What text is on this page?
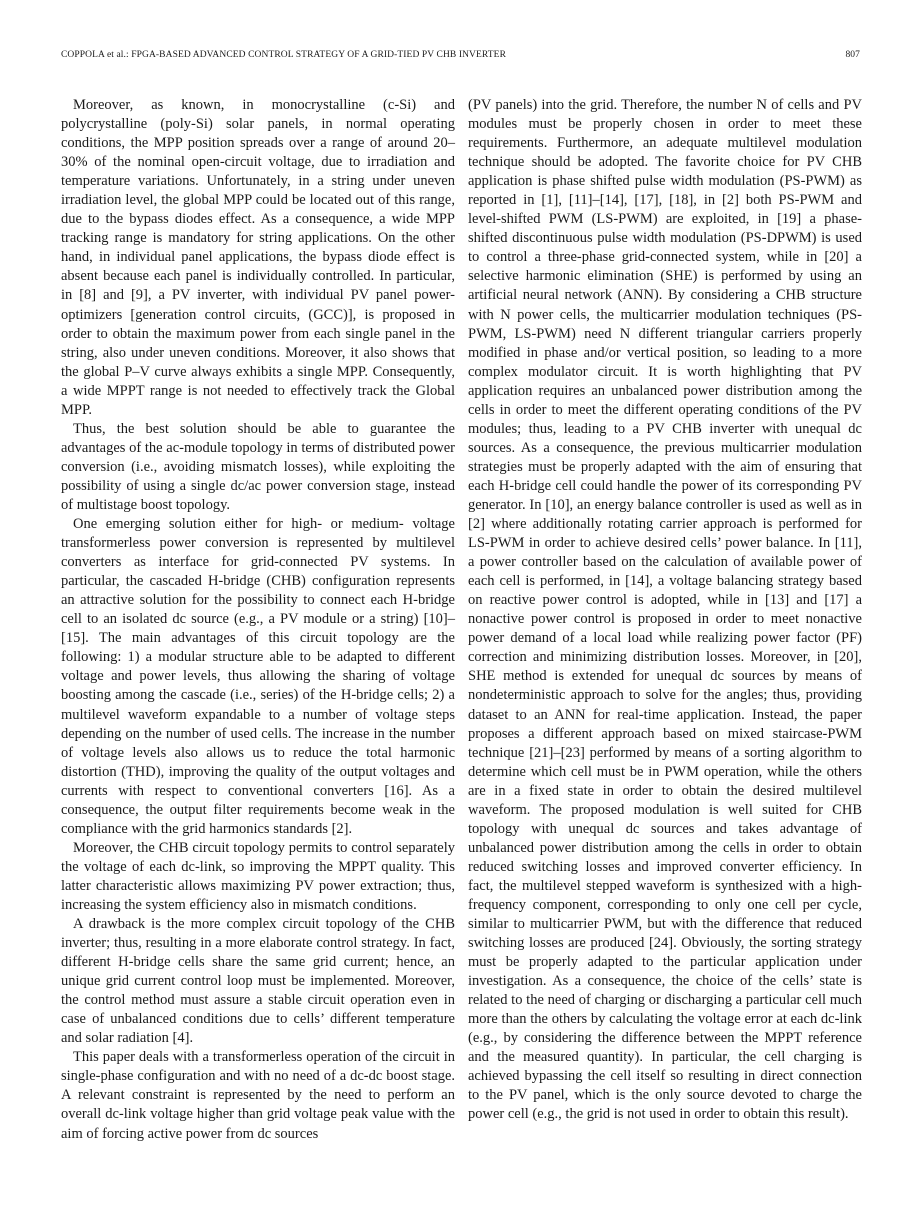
COPPOLA et al.: FPGA-BASED ADVANCED CONTROL STRATEGY OF A GRID-TIED PV CHB INVERTER	807

Moreover, as known, in monocrystalline (c-Si) and polycrystalline (poly-Si) solar panels, in normal operating conditions, the MPP position spreads over a range of around 20–30% of the nominal open-circuit voltage, due to irradiation and temperature variations. Unfortunately, in a string under uneven irradiation level, the global MPP could be located out of this range, due to the bypass diodes effect. As a consequence, a wide MPP tracking range is mandatory for string applications. On the other hand, in individual panel applications, the bypass diode effect is absent because each panel is individually controlled. In particular, in [8] and [9], a PV inverter, with individual PV panel power-optimizers [generation control circuits, (GCC)], is proposed in order to obtain the maximum power from each single panel in the string, also under uneven conditions. Moreover, it also shows that the global P–V curve always exhibits a single MPP. Consequently, a wide MPPT range is not needed to effectively track the Global MPP.

Thus, the best solution should be able to guarantee the advantages of the ac-module topology in terms of distributed power conversion (i.e., avoiding mismatch losses), while exploiting the possibility of using a single dc/ac power conversion stage, instead of multistage boost topology.

One emerging solution either for high- or medium- voltage transformerless power conversion is represented by multilevel converters as interface for grid-connected PV systems. In particular, the cascaded H-bridge (CHB) configuration represents an attractive solution for the possibility to connect each H-bridge cell to an isolated dc source (e.g., a PV module or a string) [10]–[15]. The main advantages of this circuit topology are the following: 1) a modular structure able to be adapted to different voltage and power levels, thus allowing the sharing of voltage boosting among the cascade (i.e., series) of the H-bridge cells; 2) a multilevel waveform expandable to a number of voltage steps depending on the number of used cells. The increase in the number of voltage levels also allows us to reduce the total harmonic distortion (THD), improving the quality of the output voltages and currents with respect to conventional converters [16]. As a consequence, the output filter requirements become weak in the compliance with the grid harmonics standards [2].

Moreover, the CHB circuit topology permits to control separately the voltage of each dc-link, so improving the MPPT quality. This latter characteristic allows maximizing PV power extraction; thus, increasing the system efficiency also in mismatch conditions.

A drawback is the more complex circuit topology of the CHB inverter; thus, resulting in a more elaborate control strategy. In fact, different H-bridge cells share the same grid current; hence, an unique grid current control loop must be implemented. Moreover, the control method must assure a stable circuit operation even in case of unbalanced conditions due to cells’ different temperature and solar radiation [4].

This paper deals with a transformerless operation of the circuit in single-phase configuration and with no need of a dc-dc boost stage. A relevant constraint is represented by the need to perform an overall dc-link voltage higher than grid voltage peak value with the aim of forcing active power from dc sources

(PV panels) into the grid. Therefore, the number N of cells and PV modules must be properly chosen in order to meet these requirements. Furthermore, an adequate multilevel modulation technique should be adopted. The favorite choice for PV CHB application is phase shifted pulse width modulation (PS-PWM) as reported in [1], [11]–[14], [17], [18], in [2] both PS-PWM and level-shifted PWM (LS-PWM) are exploited, in [19] a phase-shifted discontinuous pulse width modulation (PS-DPWM) is used to control a three-phase grid-connected system, while in [20] a selective harmonic elimination (SHE) is performed by using an artificial neural network (ANN). By considering a CHB structure with N power cells, the multicarrier modulation techniques (PS-PWM, LS-PWM) need N different triangular carriers properly modified in phase and/or vertical position, so leading to a more complex modulator circuit. It is worth highlighting that PV application requires an unbalanced power distribution among the cells in order to meet the different operating conditions of the PV modules; thus, leading to a PV CHB inverter with unequal dc sources. As a consequence, the previous multicarrier modulation strategies must be properly adapted with the aim of ensuring that each H-bridge cell could handle the power of its corresponding PV generator. In [10], an energy balance controller is used as well as in [2] where additionally rotating carrier approach is performed for LS-PWM in order to achieve desired cells’ power balance. In [11], a power controller based on the calculation of available power of each cell is performed, in [14], a voltage balancing strategy based on reactive power control is adopted, while in [13] and [17] a nonactive power control is proposed in order to meet nonactive power demand of a local load while realizing power factor (PF) correction and minimizing distribution losses. Moreover, in [20], SHE method is extended for unequal dc sources by means of nondeterministic approach to solve for the angles; thus, providing dataset to an ANN for real-time application. Instead, the paper proposes a different approach based on mixed staircase-PWM technique [21]–[23] performed by means of a sorting algorithm to determine which cell must be in PWM operation, while the others are in a fixed state in order to obtain the desired multilevel waveform. The proposed modulation is well suited for CHB topology with unequal dc sources and takes advantage of unbalanced power distribution among the cells in order to obtain reduced switching losses and improved converter efficiency. In fact, the multilevel stepped waveform is synthesized with a high-frequency component, corresponding to only one cell per cycle, similar to multicarrier PWM, but with the difference that reduced switching losses are produced [24]. Obviously, the sorting strategy must be properly adapted to the particular application under investigation. As a consequence, the choice of the cells’ state is related to the need of charging or discharging a particular cell much more than the others by calculating the voltage error at each dc-link (e.g., by considering the difference between the MPPT reference and the measured quantity). In particular, the cell charging is achieved bypassing the cell itself so resulting in direct connection to the PV panel, which is the only source devoted to charge the power cell (e.g., the grid is not used in order to obtain this result).
